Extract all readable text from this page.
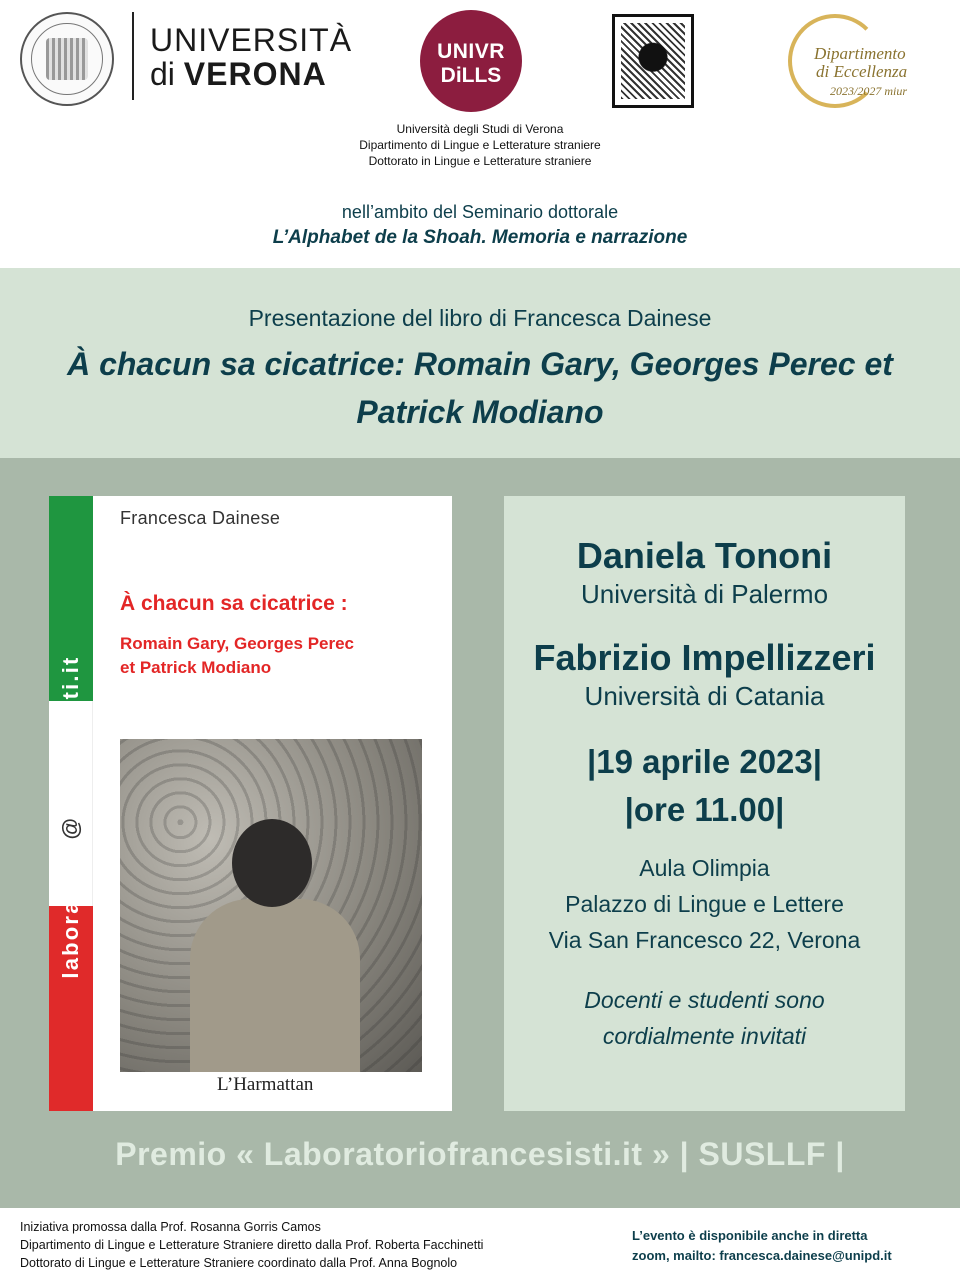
UNIVERSITÀ
di VERONA
UNIVR
DiLLS
Dipartimento
di Eccellenza
2023/2027 miur
Università degli Studi di Verona
Dipartimento di Lingue e Letterature straniere
Dottorato in Lingue e Letterature straniere
nell’ambito del Seminario dottorale
L’Alphabet de la Shoah. Memoria e narrazione
Presentazione del libro di Francesca Dainese
À chacun sa cicatrice: Romain Gary, Georges Perec et Patrick Modiano
laboratorio@francesisti.it
Francesca Dainese
À chacun sa cicatrice :
Romain Gary, Georges Perec
et Patrick Modiano
L’Harmattan
Daniela Tononi
Università di Palermo
Fabrizio Impellizzeri
Università di Catania
|19 aprile 2023|
|ore 11.00|
Aula Olimpia
Palazzo di Lingue e Lettere
Via San Francesco 22, Verona
Docenti e studenti sono
cordialmente invitati
Premio « Laboratoriofrancesisti.it » | SUSLLF |
Iniziativa promossa dalla Prof. Rosanna Gorris Camos
Dipartimento di Lingue e Letterature Straniere diretto dalla Prof. Roberta Facchinetti
Dottorato di Lingue e Letterature Straniere coordinato dalla Prof. Anna Bognolo
L’evento è disponibile anche in diretta
zoom, mailto: francesca.dainese@unipd.it
